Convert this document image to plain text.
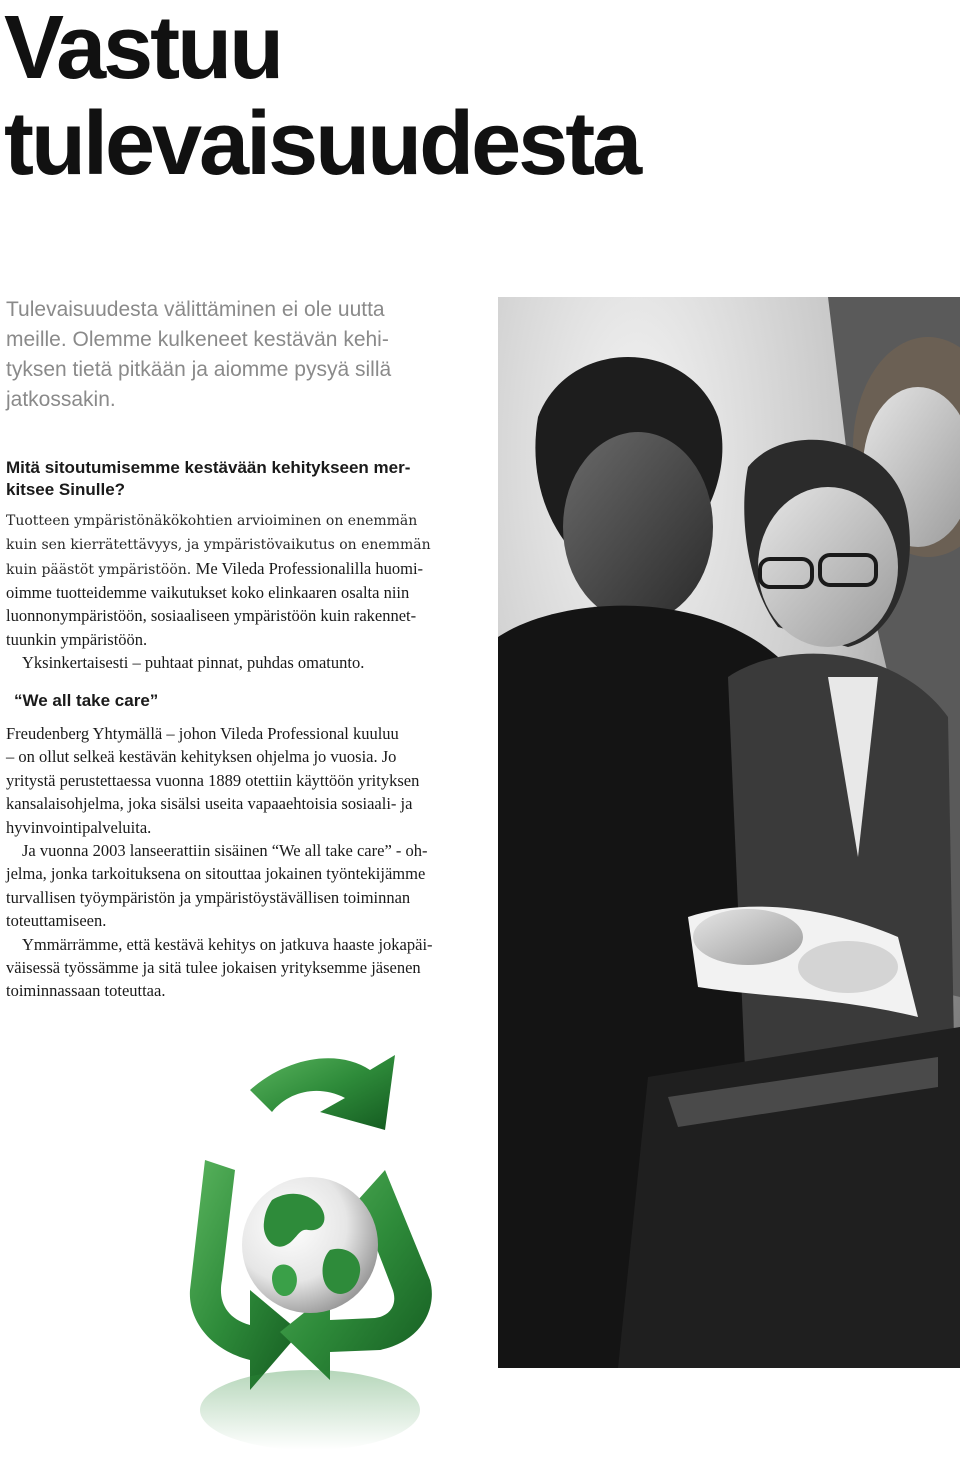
Vastuu
tulevaisuudesta

Tulevaisuudesta välittäminen ei ole uutta
meille. Olemme kulkeneet kestävän kehi-
tyksen tietä pitkään ja aiomme pysyä sillä
jatkossakin.

Mitä sitoutumisemme kestävään kehitykseen mer-
kitsee Sinulle?

Tuotteen ympäristönäkökohtien arvioiminen on enemmän
kuin sen kierrätettävyys, ja ympäristövaikutus on enemmän
kuin päästöt ympäristöön. Me Vileda Professionalilla huomi-

oimme tuotteidemme vaikutukset koko elinkaaren osalta niin
luonnonympäristöön, sosiaaliseen ympäristöön kuin rakennet-
tuunkin ympäristöön.

Yksinkertaisesti – puhtaat pinnat, puhdas omatunto.

“We all take care”

Freudenberg Yhtymällä – johon Vileda Professional kuuluu
– on ollut selkeä kestävän kehityksen ohjelma jo vuosia. Jo
yritystä perustettaessa vuonna 1889 otettiin käyttöön yrityksen
kansalaisohjelma, joka sisälsi useita vapaaehtoisia sosiaali- ja
hyvinvointipalveluita.

Ja vuonna 2003 lanseerattiin sisäinen “We all take care” - oh-
jelma, jonka tarkoituksena on sitouttaa jokainen työntekijämme
turvallisen työympäristön ja ympäristöystävällisen toiminnan
toteuttamiseen.

Ymmärrämme, että kestävä kehitys on jatkuva haaste jokapäi-
väisessä työssämme ja sitä tulee jokaisen yrityksemme jäsenen
toiminnassaan toteuttaa.
